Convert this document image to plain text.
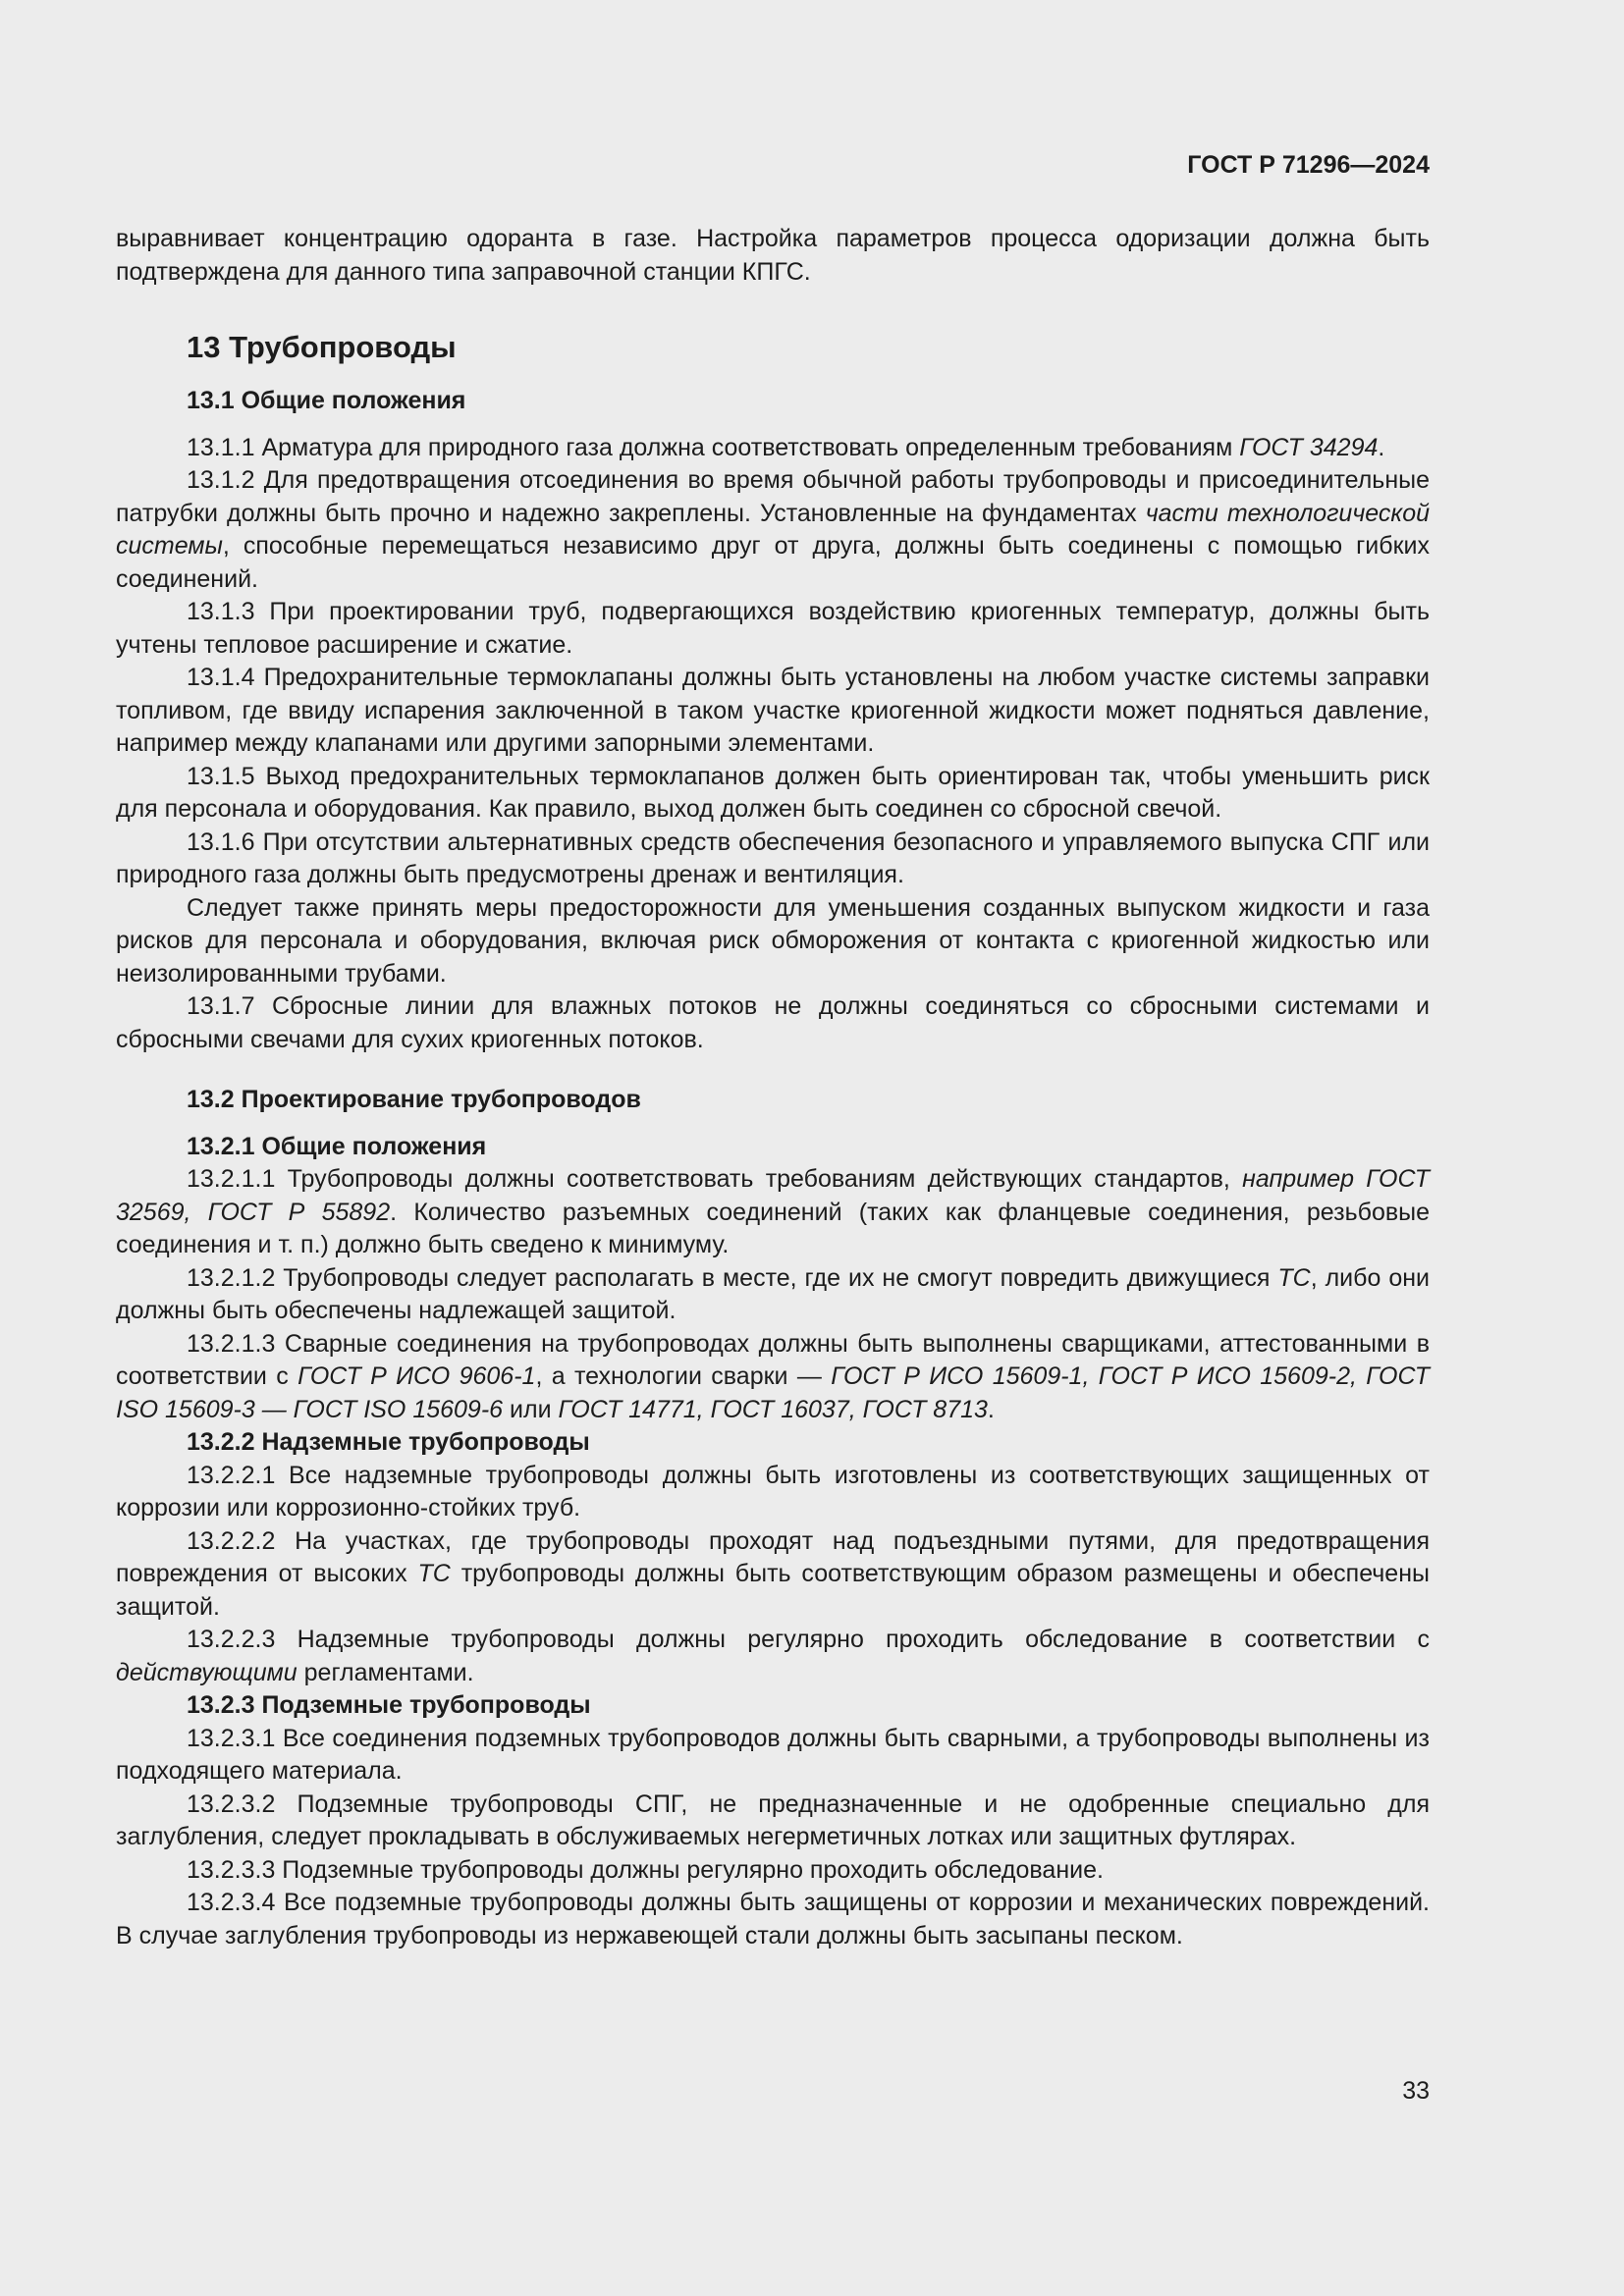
ГОСТ Р 71296—2024

выравнивает концентрацию одоранта в газе. Настройка параметров процесса одоризации должна быть подтверждена для данного типа заправочной станции КПГС.

13 Трубопроводы
13.1 Общие положения

13.1.1 Арматура для природного газа должна соответствовать определенным требованиям ГОСТ 34294.

13.1.2 Для предотвращения отсоединения во время обычной работы трубопроводы и присоединительные патрубки должны быть прочно и надежно закреплены. Установленные на фундаментах части технологической системы, способные перемещаться независимо друг от друга, должны быть соединены с помощью гибких соединений.

13.1.3 При проектировании труб, подвергающихся воздействию криогенных температур, должны быть учтены тепловое расширение и сжатие.

13.1.4 Предохранительные термоклапаны должны быть установлены на любом участке системы заправки топливом, где ввиду испарения заключенной в таком участке криогенной жидкости может подняться давление, например между клапанами или другими запорными элементами.

13.1.5 Выход предохранительных термоклапанов должен быть ориентирован так, чтобы уменьшить риск для персонала и оборудования. Как правило, выход должен быть соединен со сбросной свечой.

13.1.6 При отсутствии альтернативных средств обеспечения безопасного и управляемого выпуска СПГ или природного газа должны быть предусмотрены дренаж и вентиляция.

Следует также принять меры предосторожности для уменьшения созданных выпуском жидкости и газа рисков для персонала и оборудования, включая риск обморожения от контакта с криогенной жидкостью или неизолированными трубами.

13.1.7 Сбросные линии для влажных потоков не должны соединяться со сбросными системами и сбросными свечами для сухих криогенных потоков.

13.2 Проектирование трубопроводов
13.2.1 Общие положения

13.2.1.1 Трубопроводы должны соответствовать требованиям действующих стандартов, например ГОСТ 32569, ГОСТ Р 55892. Количество разъемных соединений (таких как фланцевые соединения, резьбовые соединения и т. п.) должно быть сведено к минимуму.

13.2.1.2 Трубопроводы следует располагать в месте, где их не смогут повредить движущиеся ТС, либо они должны быть обеспечены надлежащей защитой.

13.2.1.3 Сварные соединения на трубопроводах должны быть выполнены сварщиками, аттестованными в соответствии с ГОСТ Р ИСО 9606-1, а технологии сварки — ГОСТ Р ИСО 15609-1, ГОСТ Р ИСО 15609-2, ГОСТ ISO 15609-3 — ГОСТ ISO 15609-6 или ГОСТ 14771, ГОСТ 16037, ГОСТ 8713.

13.2.2 Надземные трубопроводы

13.2.2.1 Все надземные трубопроводы должны быть изготовлены из соответствующих защищенных от коррозии или коррозионно-стойких труб.

13.2.2.2 На участках, где трубопроводы проходят над подъездными путями, для предотвращения повреждения от высоких ТС трубопроводы должны быть соответствующим образом размещены и обеспечены защитой.

13.2.2.3 Надземные трубопроводы должны регулярно проходить обследование в соответствии с действующими регламентами.

13.2.3 Подземные трубопроводы

13.2.3.1 Все соединения подземных трубопроводов должны быть сварными, а трубопроводы выполнены из подходящего материала.

13.2.3.2 Подземные трубопроводы СПГ, не предназначенные и не одобренные специально для заглубления, следует прокладывать в обслуживаемых негерметичных лотках или защитных футлярах.

13.2.3.3 Подземные трубопроводы должны регулярно проходить обследование.

13.2.3.4 Все подземные трубопроводы должны быть защищены от коррозии и механических повреждений. В случае заглубления трубопроводы из нержавеющей стали должны быть засыпаны песком.

33
